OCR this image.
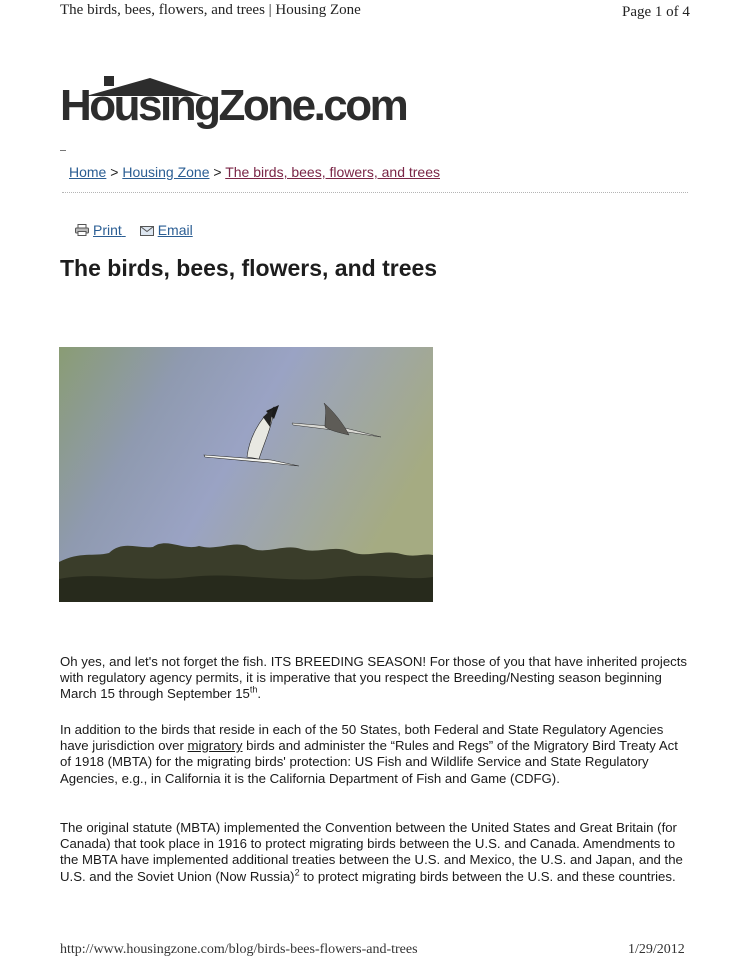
The birds, bees, flowers, and trees | Housing Zone	Page 1 of 4
HousingZone.com
Home > Housing Zone > The birds, bees, flowers, and trees
Print	Email
The birds, bees, flowers, and trees

Oh yes, and let's not forget the fish. ITS BREEDING SEASON! For those of you that have inherited projects with regulatory agency permits, it is imperative that you respect the Breeding/Nesting season beginning March 15 through September 15th.

In addition to the birds that reside in each of the 50 States, both Federal and State Regulatory Agencies have jurisdiction over migratory birds and administer the “Rules and Regs” of the Migratory Bird Treaty Act of 1918 (MBTA) for the migrating birds' protection: US Fish and Wildlife Service and State Regulatory Agencies, e.g., in California it is the California Department of Fish and Game (CDFG).

The original statute (MBTA) implemented the Convention between the United States and Great Britain (for Canada) that took place in 1916 to protect migrating birds between the U.S. and Canada. Amendments to the MBTA have implemented additional treaties between the U.S. and Mexico, the U.S. and Japan, and the U.S. and the Soviet Union (Now Russia)$^2$ to protect migrating birds between the U.S. and these countries.

http://www.housingzone.com/blog/birds-bees-flowers-and-trees	1/29/2012
